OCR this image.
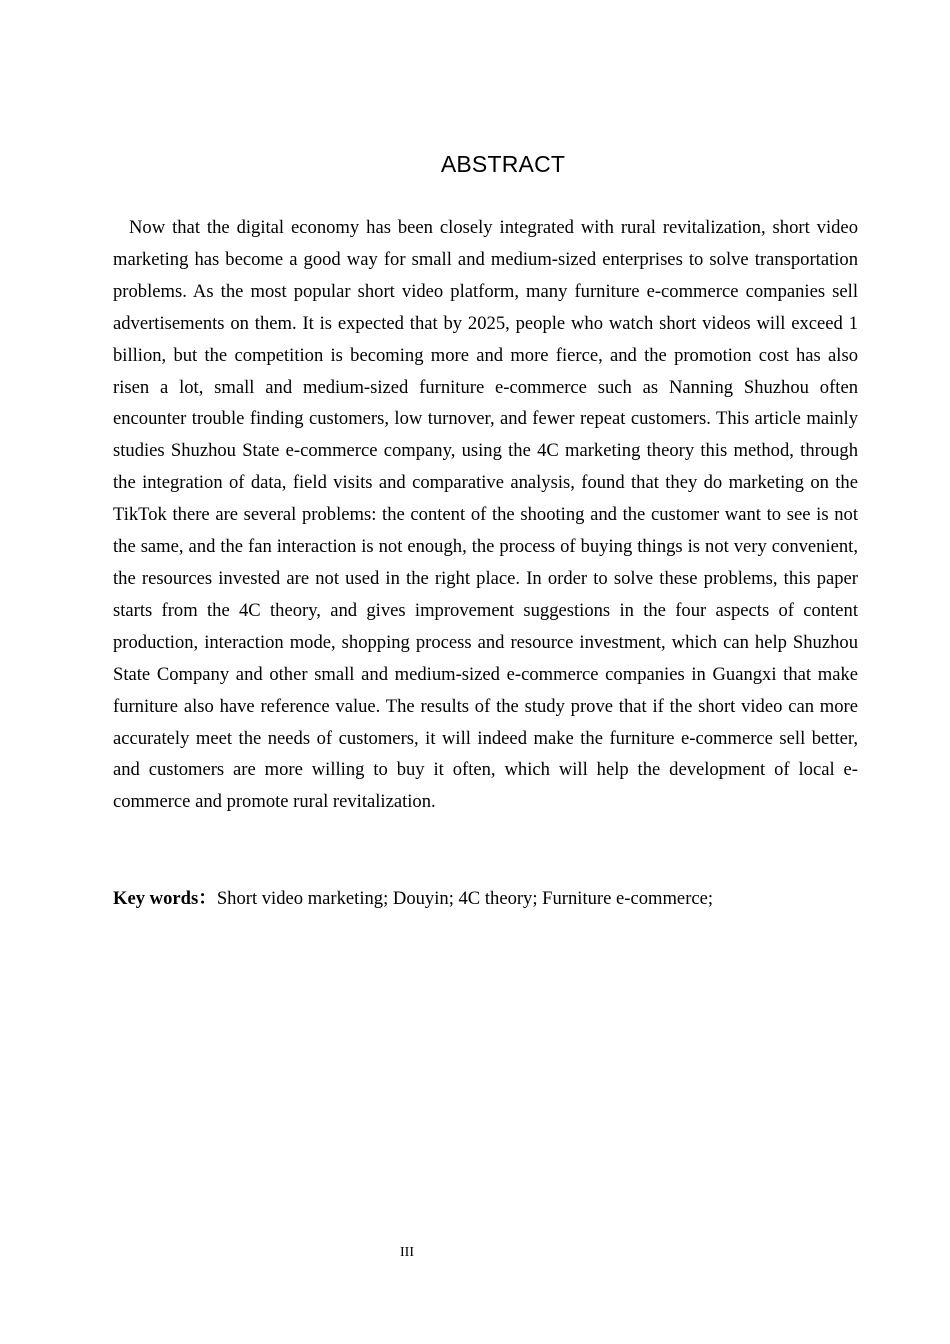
ABSTRACT

Now that the digital economy has been closely integrated with rural revitalization, short video marketing has become a good way for small and medium-sized enterprises to solve transportation problems. As the most popular short video platform, many furniture e-commerce companies sell advertisements on them. It is expected that by 2025, people who watch short videos will exceed 1 billion, but the competition is becoming more and more fierce, and the promotion cost has also risen a lot, small and medium-sized furniture e-commerce such as Nanning Shuzhou often encounter trouble finding customers, low turnover, and fewer repeat customers. This article mainly studies Shuzhou State e-commerce company, using the 4C marketing theory this method, through the integration of data, field visits and comparative analysis, found that they do marketing on the TikTok there are several problems: the content of the shooting and the customer want to see is not the same, and the fan interaction is not enough, the process of buying things is not very convenient, the resources invested are not used in the right place. In order to solve these problems, this paper starts from the 4C theory, and gives improvement suggestions in the four aspects of content production, interaction mode, shopping process and resource investment, which can help Shuzhou State Company and other small and medium-sized e-commerce companies in Guangxi that make furniture also have reference value. The results of the study prove that if the short video can more accurately meet the needs of customers, it will indeed make the furniture e-commerce sell better, and customers are more willing to buy it often, which will help the development of local e-commerce and promote rural revitalization.

Key words：Short video marketing; Douyin; 4C theory; Furniture e-commerce;

III
